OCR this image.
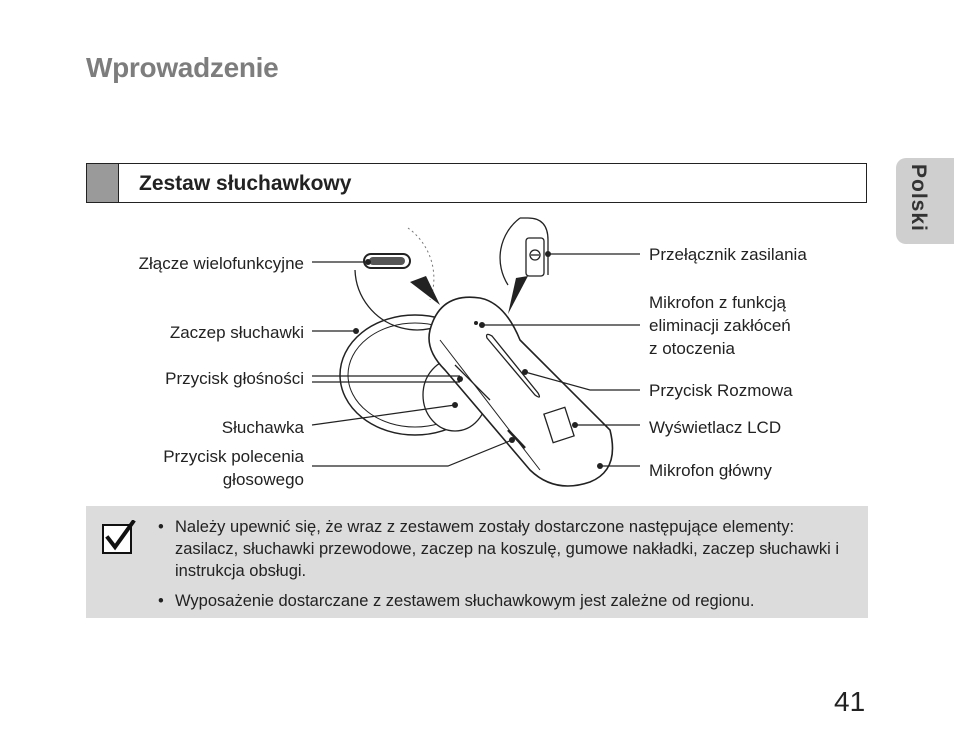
Wprowadzenie
Polski
Zestaw słuchawkowy
Złącze wielofunkcyjne
Zaczep słuchawki
Przycisk głośności
Słuchawka
Przycisk polecenia
głosowego
Przełącznik zasilania
Mikrofon z funkcją
eliminacji zakłóceń
z otoczenia
Przycisk Rozmowa
Wyświetlacz LCD
Mikrofon główny
• Należy upewnić się, że wraz z zestawem zostały dostarczone następujące elementy: zasilacz, słuchawki przewodowe, zaczep na koszulę, gumowe nakładki, zaczep słuchawki i instrukcja obsługi.
• Wyposażenie dostarczane z zestawem słuchawkowym jest zależne od regionu.
41
